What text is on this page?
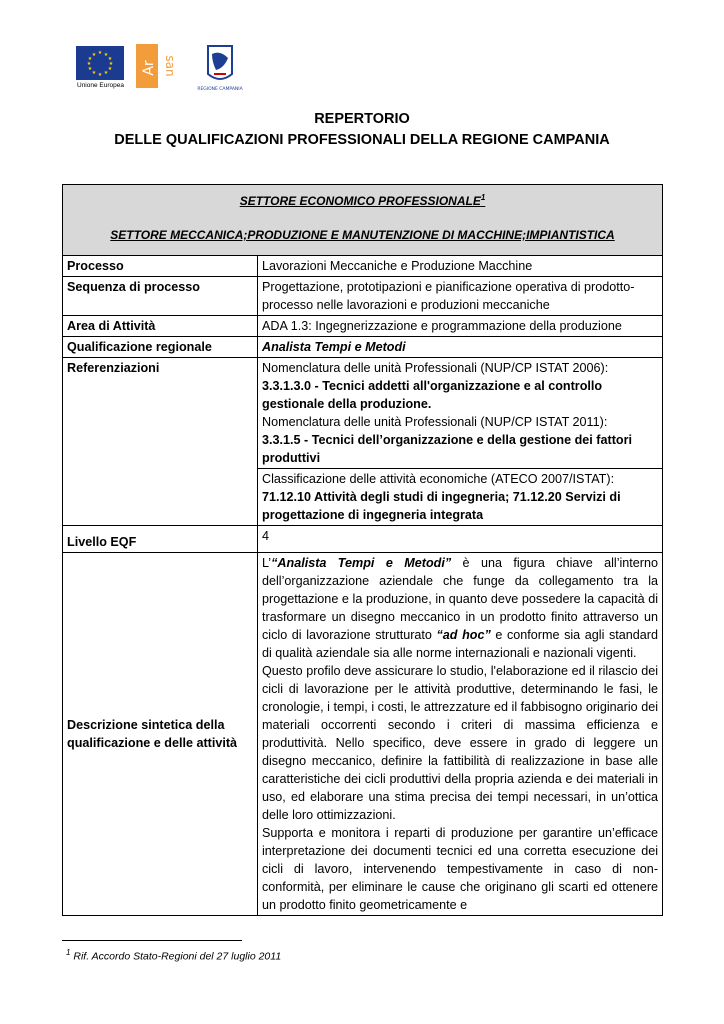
★ ★
★
★
★
★
★
★
★
★
★
★
Unione Europea
Ar san
REGIONE CAMPANIA
REPERTORIO
DELLE QUALIFICAZIONI PROFESSIONALI DELLA REGIONE CAMPANIA
SETTORE ECONOMICO PROFESSIONALE$^1$
SETTORE MECCANICA;PRODUZIONE E MANUTENZIONE DI MACCHINE;IMPIANTISTICA	

Processo	Lavorazioni Meccaniche e Produzione Macchine
Sequenza di processo	Progettazione, prototipazioni e pianificazione operativa di prodotto-processo nelle lavorazioni e produzioni meccaniche
Area di Attività	ADA 1.3: Ingegnerizzazione e programmazione della produzione
Qualificazione regionale	Analista Tempi e Metodi
Referenziazioni	Nomenclatura delle unità Professionali (NUP/CP ISTAT 2006):
3.3.1.3.0 - Tecnici addetti all'organizzazione e al controllo gestionale della produzione.
Nomenclatura delle unità Professionali (NUP/CP ISTAT 2011):
3.3.1.5 - Tecnici dell’organizzazione e della gestione dei fattori produttivi

	Classificazione delle attività economiche (ATECO 2007/ISTAT):
71.12.10 Attività degli studi di ingegneria; 71.12.20 Servizi di progettazione di ingegneria integrata

Livello EQF	4
Descrizione sintetica della qualificazione e delle attività	L’“Analista Tempi e Metodi” è una figura chiave all’interno dell’organizzazione aziendale che funge da collegamento tra la progettazione e la produzione, in quanto deve possedere la capacità di trasformare un disegno meccanico in un prodotto finito attraverso un ciclo di lavorazione strutturato “ad hoc” e conforme sia agli standard di qualità aziendale sia alle norme internazionali e nazionali vigenti.

Questo profilo deve assicurare lo studio, l'elaborazione ed il rilascio dei cicli di lavorazione per le attività produttive, determinando le fasi, le cronologie, i tempi, i costi, le attrezzature ed il fabbisogno originario dei materiali occorrenti secondo i criteri di massima efficienza e produttività. Nello specifico, deve essere in grado di leggere un disegno meccanico, definire la fattibilità di realizzazione in base alle caratteristiche dei cicli produttivi della propria azienda e dei materiali in uso, ed elaborare una stima precisa dei tempi necessari, in un’ottica delle loro ottimizzazioni.

Supporta e monitora i reparti di produzione per garantire un’efficace interpretazione dei documenti tecnici ed una corretta esecuzione dei cicli di lavoro, intervenendo tempestivamente in caso di non-conformità, per eliminare le cause che originano gli scarti ed ottenere un prodotto finito geometricamente e

$^1$ Rif. Accordo Stato-Regioni del 27 luglio 2011
